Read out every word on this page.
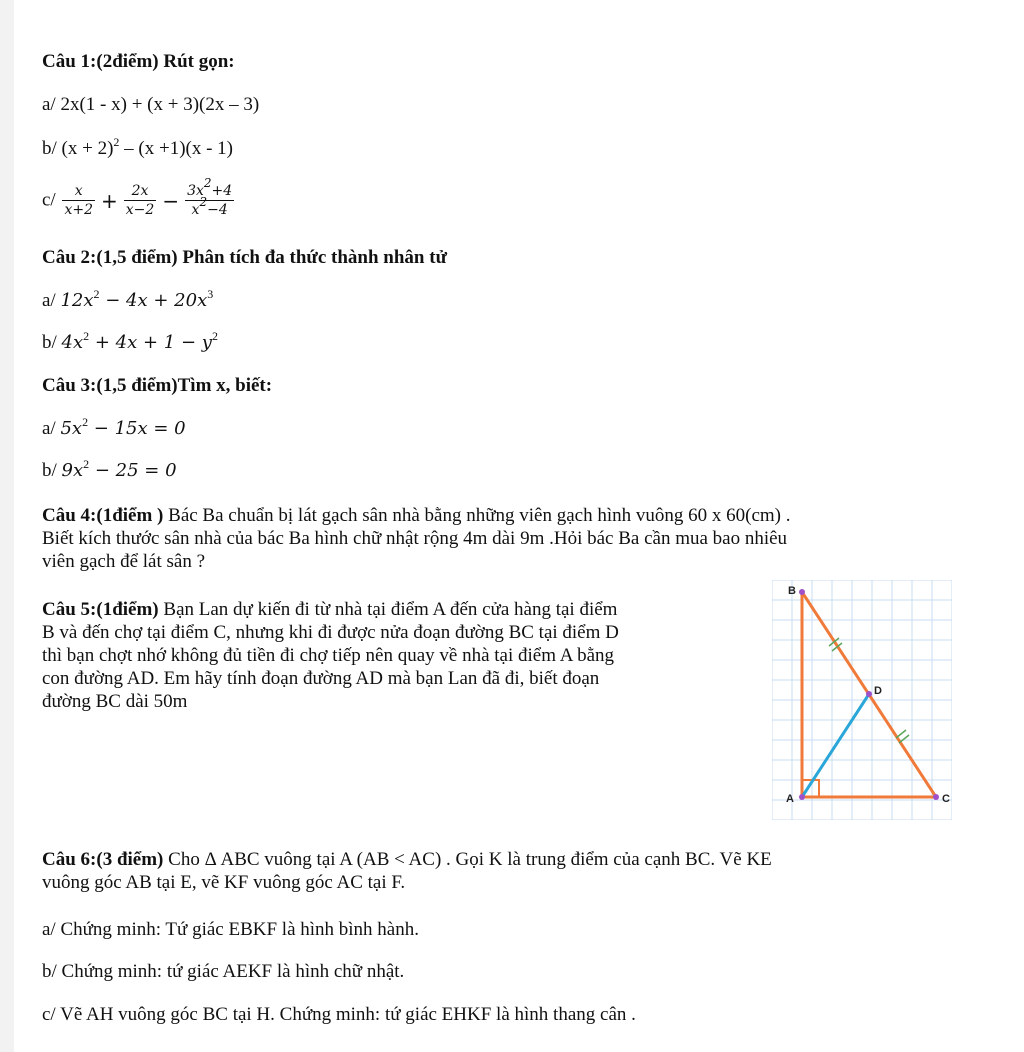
Câu 1:(2điểm) Rút gọn:
a/ 2x(1 - x) + (x + 3)(2x – 3)
b/ $(x + 2)^2 - (x +1)(x - 1)$
$c/ \frac{x}{x+2} + \frac{2x}{x-2} - \frac{3x^2+4}{x^2-4}$
Câu 2:(1,5 điểm) Phân tích đa thức thành nhân tử
a/ $12x^2 - 4x + 20x^3$
b/ $4x^2 + 4x + 1 - y^2$
Câu 3:(1,5 điểm)Tìm x, biết:
a/ $5x^2 - 15x = 0$
b/ $9x^2 - 25 = 0$
Câu 4:(1điểm ) Bác Ba chuẩn bị lát gạch sân nhà bằng những viên gạch hình vuông 60 x 60(cm) .
Biết kích thước sân nhà của bác Ba hình chữ nhật rộng 4m dài 9m .Hỏi bác Ba cần mua bao nhiêu
viên gạch để lát sân ?
Câu 5:(1điểm) Bạn Lan dự kiến đi từ nhà tại điểm A đến cửa hàng tại điểm
B và đến chợ tại điểm C, nhưng khi đi được nửa đoạn đường BC tại điểm D
thì bạn chợt nhớ không đủ tiền đi chợ tiếp nên quay về nhà tại điểm A bằng
con đường AD. Em hãy tính đoạn đường AD mà bạn Lan đã đi, biết đoạn
đường BC dài 50m
B
D
A	C
Câu 6:(3 điểm) Cho Δ ABC vuông tại A (AB < AC) . Gọi K là trung điểm của cạnh BC. Vẽ KE
vuông góc AB tại E, vẽ KF vuông góc AC tại F.
a/ Chứng minh: Tứ giác EBKF là hình bình hành.
b/ Chứng minh: tứ giác AEKF là hình chữ nhật.
c/ Vẽ AH vuông góc BC tại H. Chứng minh: tứ giác EHKF là hình thang cân .
